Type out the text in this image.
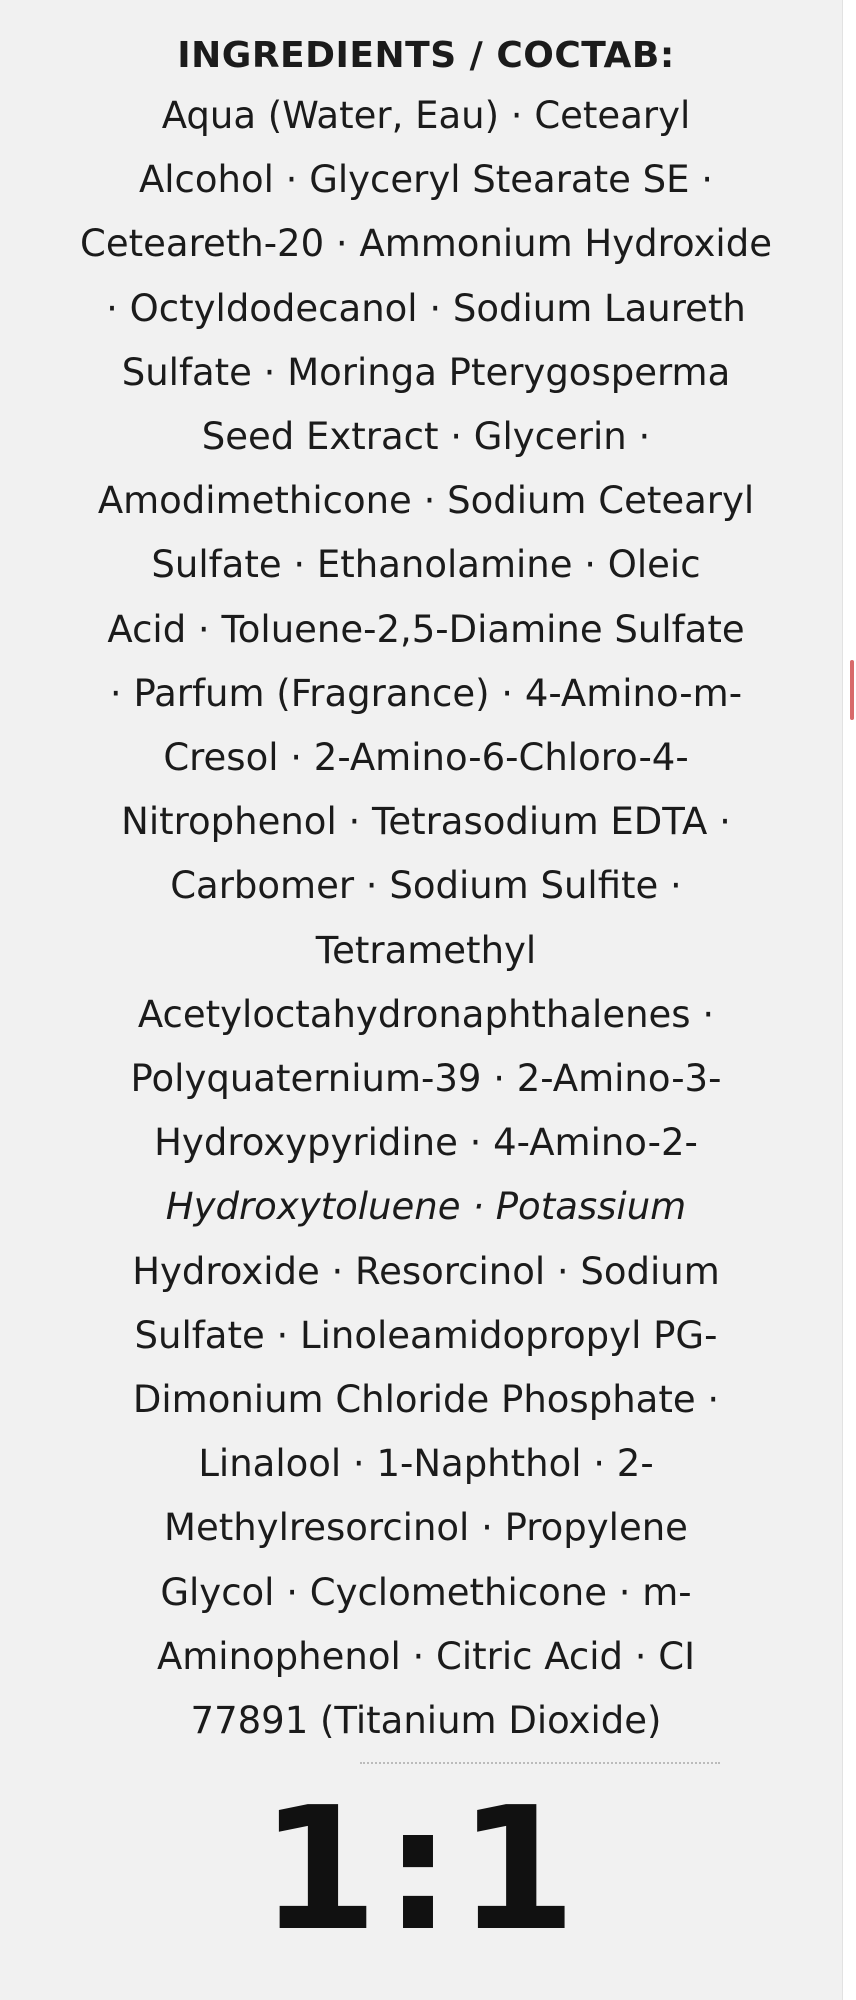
INGREDIENTS / COCTAB:

Aqua (Water, Eau) · Cetearyl

Alcohol · Glyceryl Stearate SE ·

Ceteareth-20 · Ammonium Hydroxide

· Octyldodecanol · Sodium Laureth

Sulfate · Moringa Pterygosperma

Seed Extract · Glycerin ·

Amodimethicone · Sodium Cetearyl

Sulfate · Ethanolamine · Oleic

Acid · Toluene-2,5-Diamine Sulfate

· Parfum (Fragrance) · 4-Amino-m-

Cresol · 2-Amino-6-Chloro-4-

Nitrophenol · Tetrasodium EDTA ·

Carbomer · Sodium Sulfite ·

Tetramethyl

Acetyloctahydronaphthalenes ·

Polyquaternium-39 · 2-Amino-3-

Hydroxypyridine · 4-Amino-2-

Hydroxytoluene · Potassium

Hydroxide · Resorcinol · Sodium

Sulfate · Linoleamidopropyl PG-

Dimonium Chloride Phosphate ·

Linalool · 1-Naphthol · 2-

Methylresorcinol · Propylene

Glycol · Cyclomethicone · m-

Aminophenol · Citric Acid · CI

77891 (Titanium Dioxide)

1:1
